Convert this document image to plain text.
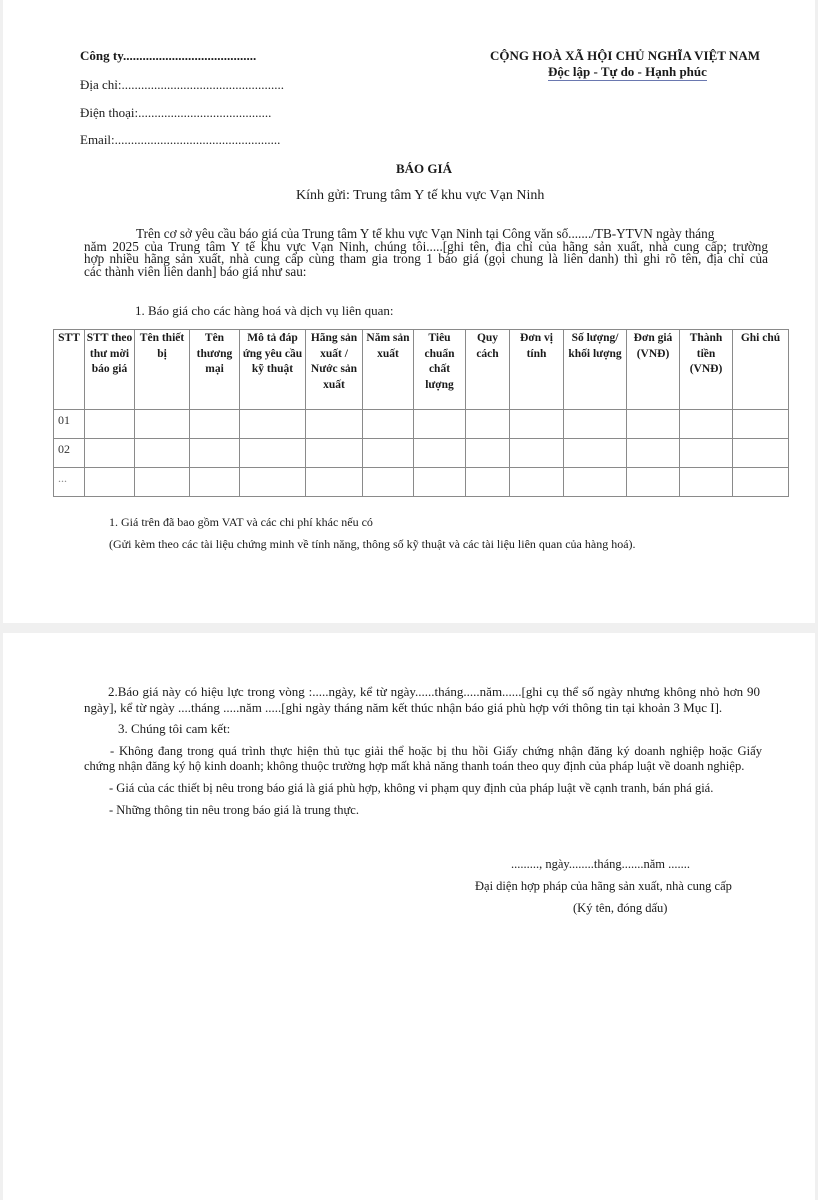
Công ty.........................................
Địa chỉ:..................................................
Điện thoại:.........................................
Email:...................................................
CỘNG HOÀ XÃ HỘI CHỦ NGHĨA VIỆT NAM
Độc lập - Tự do - Hạnh phúc
BÁO GIÁ
Kính gửi: Trung tâm Y tế khu vực Vạn Ninh
Trên cơ sở yêu cầu báo giá của Trung tâm Y tế khu vực Vạn Ninh tại Công văn số......./TB-YTVN ngày tháng
năm 2025 của Trung tâm Y tế khu vực Vạn Ninh, chúng tôi.....[ghi tên, địa chỉ của hãng sản xuất, nhà cung cấp; trường
hợp nhiều hãng sản xuất, nhà cung cấp cùng tham gia trong 1 báo giá (gọi chung là liên danh) thì ghi rõ tên, địa chỉ của
các thành viên liên danh] báo giá như sau:
1. Báo giá cho các hàng hoá và dịch vụ liên quan:
STT	STT theo thư mời báo giá	Tên thiết bị	Tên thương mại	Mô tả đáp ứng yêu cầu kỹ thuật	Hãng sản xuất / Nước sản xuất	Năm sản xuất	Tiêu chuẩn chất lượng	Quy cách	Đơn vị tính	Số lượng/ khối lượng	Đơn giá (VNĐ)	Thành tiền (VNĐ)	Ghi chú
01													
02													
...													
1. Giá trên đã bao gồm VAT và các chi phí khác nếu có
(Gửi kèm theo các tài liệu chứng minh về tính năng, thông số kỹ thuật và các tài liệu liên quan của hàng hoá).
2.Báo giá này có hiệu lực trong vòng :.....ngày, kể từ ngày......tháng.....năm......[ghi cụ thể số ngày nhưng không nhỏ hơn 90
ngày], kể từ ngày ....tháng .....năm .....[ghi ngày tháng năm kết thúc nhận báo giá phù hợp với thông tin tại khoản 3 Mục I].
3. Chúng tôi cam kết:
- Không đang trong quá trình thực hiện thủ tục giải thể hoặc bị thu hồi Giấy chứng nhận đăng ký doanh nghiệp hoặc Giấy
chứng nhận đăng ký hộ kinh doanh; không thuộc trường hợp mất khả năng thanh toán theo quy định của pháp luật về doanh nghiệp.
- Giá của các thiết bị nêu trong báo giá là giá phù hợp, không vi phạm quy định của pháp luật về cạnh tranh, bán phá giá.
- Những thông tin nêu trong báo giá là trung thực.
........., ngày........tháng.......năm .......
Đại diện hợp pháp của hãng sản xuất, nhà cung cấp
(Ký tên, đóng dấu)
